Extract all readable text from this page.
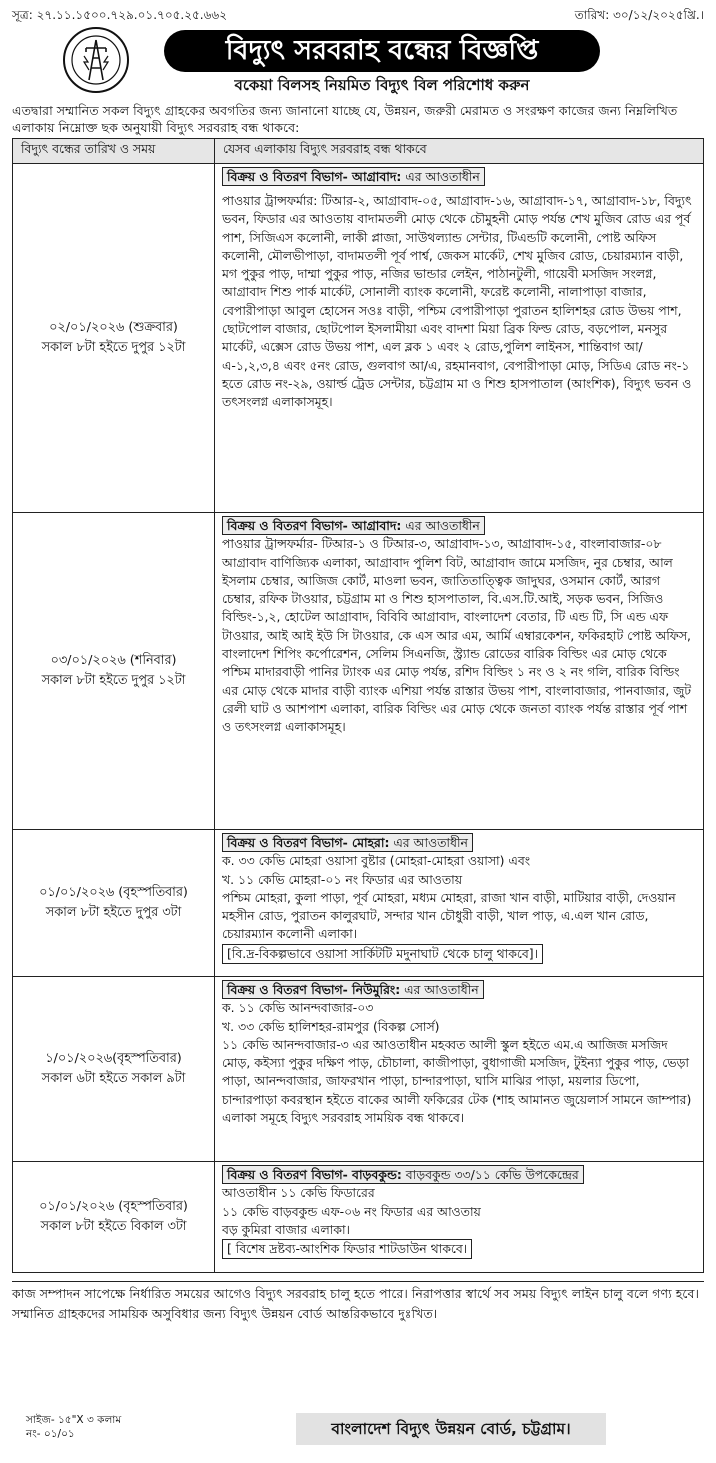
সূত্র: ২৭.১১.১৫০০.৭২৯.০১.৭০৫.২৫.৬৬২	তারিখ: ৩০/১২/২০২৫খ্রি.।
বিদ্যুৎ সরবরাহ বন্ধের বিজ্ঞপ্তি
বকেয়া বিলসহ নিয়মিত বিদ্যুৎ বিল পরিশোধ করুন
এতদ্বারা সম্মানিত সকল বিদ্যুৎ গ্রাহকের অবগতির জন্য জানানো যাচ্ছে যে, উন্নয়ন, জরুরী মেরামত ও সংরক্ষণ কাজের জন্য নিম্নলিখিত এলাকায় নিম্নোক্ত ছক অনুযায়ী বিদ্যুৎ সরবরাহ বন্ধ থাকবে:
বিদ্যুৎ বন্ধের তারিখ ও সময়	যেসব এলাকায় বিদ্যুৎ সরবরাহ বন্ধ থাকবে

০২/০১/২০২৬ (শুক্রবার)
সকাল ৮টা হইতে দুপুর ১২টা	বিক্রয় ও বিতরণ বিভাগ- আগ্রাবাদ: এর আওতাধীন
পাওয়ার ট্রান্সফর্মার: টিআর-২, আগ্রাবাদ-০৫, আগ্রাবাদ-১৬, আগ্রাবাদ-১৭, আগ্রাবাদ-১৮, বিদ্যুৎ ভবন, ফিডার এর আওতায় বাদামতলী মোড় থেকে চৌমুহনী মোড় পর্যন্ত শেখ মুজিব রোড এর পূর্ব পাশ, সিজিএস কলোনী, লাকী প্লাজা, সাউথল্যান্ড সেন্টার, টিএন্ডটি কলোনী, পোষ্ট অফিস কলোনী, মৌলভীপাড়া, বাদামতলী পূর্ব পার্শ্ব, জেকস মার্কেট, শেখ মুজিব রোড, চেয়ারম্যান বাড়ী, মগ পুকুর পাড়, দাম্মা পুকুর পাড়, নজির ভান্ডার লেইন, পাঠানটুলী, গায়েবী মসজিদ সংলগ্ন, আগ্রাবাদ শিশু পার্ক মার্কেট, সোনালী ব্যাংক কলোনী, ফরেষ্ট কলোনী, নালাপাড়া বাজার, বেপারীপাড়া আবুল হোসেন সওঃ বাড়ী, পশ্চিম বেপারীপাড়া পুরাতন হালিশহর রোড উভয় পাশ, ছোটপোল বাজার, ছোটপোল ইসলামীয়া এবং বাদশা মিয়া ব্রিক ফিল্ড রোড, বড়পোল, মনসুর মার্কেট, এক্সেস রোড উভয় পাশ, এল ব্লক ১ এবং ২ রোড,পুলিশ লাইনস, শান্তিবাগ আ/এ-১,২,৩,৪ এবং ৫নং রোড, গুলবাগ আ/এ, রহমানবাগ, বেপারীপাড়া মোড়, সিডিএ রোড নং-১ হতে রোড নং-২৯, ওয়ার্ল্ড ট্রেড সেন্টার, চট্টগ্রাম মা ও শিশু হাসপাতাল (আংশিক), বিদ্যুৎ ভবন ও তৎসংলগ্ন এলাকাসমূহ।

০৩/০১/২০২৬ (শনিবার)
সকাল ৮টা হইতে দুপুর ১২টা	বিক্রয় ও বিতরণ বিভাগ- আগ্রাবাদ: এর আওতাধীন
পাওয়ার ট্রান্সফর্মার- টিআর-১ ও টিআর-৩, আগ্রাবাদ-১৩, আগ্রাবাদ-১৫, বাংলাবাজার-০৮
আগ্রাবাদ বাণিজ্যিক এলাকা, আগ্রাবাদ পুলিশ বিট, আগ্রাবাদ জামে মসজিদ, নুর চেম্বার, আল ইসলাম চেম্বার, আজিজ কোর্ট, মাওলা ভবন, জাতিতাত্ত্বিক জাদুঘর, ওসমান কোর্ট, আরগ চেম্বার, রফিক টাওয়ার, চট্টগ্রাম মা ও শিশু হাসপাতাল, বি.এস.টি.আই, সড়ক ভবন, সিজিও বিল্ডিং-১,২, হোটেল আগ্রাবাদ, বিবিবি আগ্রাবাদ, বাংলাদেশ বেতার, টি এন্ড টি, সি এন্ড এফ টাওয়ার, আই আই ইউ সি টাওয়ার, কে এস আর এম, আর্মি এম্বারকেশন, ফকিরহাট পোষ্ট অফিস, বাংলাদেশ শিপিং কর্পোরেশন, সেলিম সিএনজি, স্ট্র্যান্ড রোডের বারিক বিল্ডিং এর মোড় থেকে পশ্চিম মাদারবাড়ী পানির ট্যাংক এর মোড় পর্যন্ত, রশিদ বিল্ডিং ১ নং ও ২ নং গলি, বারিক বিল্ডিং এর মোড় থেকে মাদার বাড়ী ব্যাংক এশিয়া পর্যন্ত রাস্তার উভয় পাশ, বাংলাবাজার, পানবাজার, জুট রেলী ঘাট ও আশপাশ এলাকা, বারিক বিল্ডিং এর মোড় থেকে জনতা ব্যাংক পর্যন্ত রাস্তার পূর্ব পাশ ও তৎসংলগ্ন এলাকাসমূহ।

০১/০১/২০২৬ (বৃহস্পতিবার)
সকাল ৮টা হইতে দুপুর ৩টা	বিক্রয় ও বিতরণ বিভাগ- মোহরা: এর আওতাধীন
ক. ৩৩ কেভি মোহরা ওয়াসা বুষ্টার (মোহরা-মোহরা ওয়াসা) এবং
খ. ১১ কেভি মোহরা-০১ নং ফিডার এর আওতায়
পশ্চিম মোহরা, কুলা পাড়া, পূর্ব মোহরা, মধ্যম মোহরা, রাজা খান বাড়ী, মাটিয়ার বাড়ী, দেওয়ান মহসীন রোড, পুরাতন কালুরঘাট, সন্দার খান চৌধুরী বাড়ী, খাল পাড়, এ.এল খান রোড, চেয়ারম্যান কলোনী এলাকা।
[বি.দ্র-বিকল্পভাবে ওয়াসা সার্কিটটি মদুনাঘাট থেকে চালু থাকবে]।

১/০১/২০২৬(বৃহস্পতিবার)
সকাল ৬টা হইতে সকাল ৯টা	বিক্রয় ও বিতরণ বিভাগ- নিউমুরিং: এর আওতাধীন
ক. ১১ কেভি আনন্দবাজার-০৩
খ. ৩৩ কেভি হালিশহর-রামপুর (বিকল্প সোর্স)
১১ কেভি আনন্দবাজার-৩ এর আওতাধীন মহব্বত আলী স্কুল হইতে এম.এ আজিজ মসজিদ মোড়, কইস্যা পুকুর দক্ষিণ পাড়, চৌচালা, কাজীপাড়া, বুধাগাজী মসজিদ, টুইন্যা পুকুর পাড়, ভেড়া পাড়া, আনন্দবাজার, জাফরখান পাড়া, চান্দারপাড়া, ঘাসি মাঝির পাড়া, ময়লার ডিপো, চান্দারপাড়া কবরস্থান হইতে বাকের আলী ফকিরের টেক (শাহ আমানত জুয়েলার্স সামনে জাম্পার) এলাকা সমূহে বিদ্যুৎ সরবরাহ সাময়িক বন্ধ থাকবে।

০১/০১/২০২৬ (বৃহস্পতিবার)
সকাল ৮টা হইতে বিকাল ৩টা	বিক্রয় ও বিতরণ বিভাগ- বাড়বকুন্ড: বাড়বকুন্ড ৩৩/১১ কেভি উপকেন্দ্রের
আওতাধীন ১১ কেভি ফিডারের
১১ কেভি বাড়বকুন্ড এফ-০৬ নং ফিডার এর আওতায়
বড় কুমিরা বাজার এলাকা।
[ বিশেষ দ্রষ্টব্য-আংশিক ফিডার শাটডাউন থাকবে।
কাজ সম্পাদন সাপেক্ষে নির্ধারিত সময়ের আগেও বিদ্যুৎ সরবরাহ চালু হতে পারে। নিরাপত্তার স্বার্থে সব সময় বিদ্যুৎ লাইন চালু বলে গণ্য হবে। সম্মানিত গ্রাহকদের সাময়িক অসুবিধার জন্য বিদ্যুৎ উন্নয়ন বোর্ড আন্তরিকভাবে দুঃখিত।
সাইজ- ১৫"X ৩ কলাম
নং- ০১/০১	বাংলাদেশ বিদ্যুৎ উন্নয়ন বোর্ড, চট্টগ্রাম।
